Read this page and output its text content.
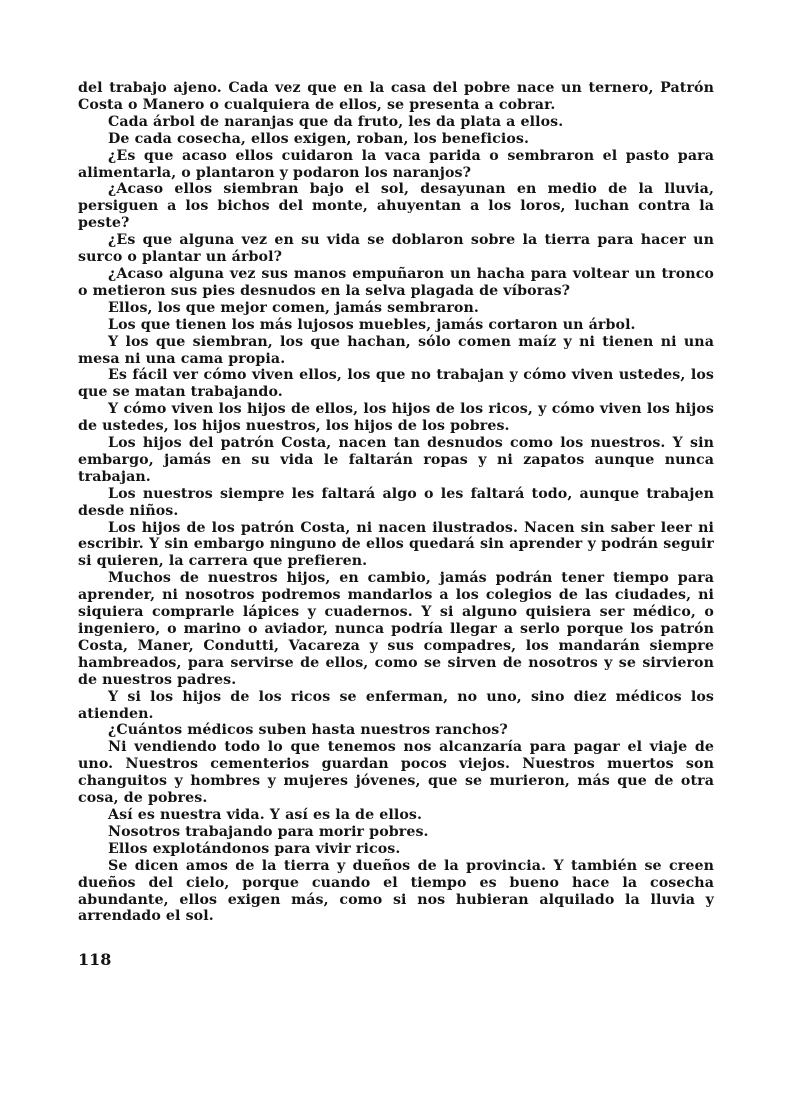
del trabajo ajeno. Cada vez que en la casa del pobre nace un ternero, Patrón Costa o Manero o cualquiera de ellos, se presenta a cobrar.

Cada árbol de naranjas que da fruto, les da plata a ellos.

De cada cosecha, ellos exigen, roban, los beneficios.

¿Es que acaso ellos cuidaron la vaca parida o sembraron el pasto para alimentarla, o plantaron y podaron los naranjos?

¿Acaso ellos siembran bajo el sol, desayunan en medio de la lluvia, persiguen a los bichos del monte, ahuyentan a los loros, luchan contra la peste?

¿Es que alguna vez en su vida se doblaron sobre la tierra para hacer un surco o plantar un árbol?

¿Acaso alguna vez sus manos empuñaron un hacha para voltear un tronco o metieron sus pies desnudos en la selva plagada de víboras?

Ellos, los que mejor comen, jamás sembraron.

Los que tienen los más lujosos muebles, jamás cortaron un árbol.

Y los que siembran, los que hachan, sólo comen maíz y ni tienen ni una mesa ni una cama propia.

Es fácil ver cómo viven ellos, los que no trabajan y cómo viven ustedes, los que se matan trabajando.

Y cómo viven los hijos de ellos, los hijos de los ricos, y cómo viven los hijos de ustedes, los hijos nuestros, los hijos de los pobres.

Los hijos del patrón Costa, nacen tan desnudos como los nuestros. Y sin embargo, jamás en su vida le faltarán ropas y ni zapatos aunque nunca trabajan.

Los nuestros siempre les faltará algo o les faltará todo, aunque trabajen desde niños.

Los hijos de los patrón Costa, ni nacen ilustrados. Nacen sin saber leer ni escribir. Y sin embargo ninguno de ellos quedará sin aprender y podrán seguir si quieren, la carrera que prefieren.

Muchos de nuestros hijos, en cambio, jamás podrán tener tiempo para aprender, ni nosotros podremos mandarlos a los colegios de las ciudades, ni siquiera comprarle lápices y cuadernos. Y si alguno quisiera ser médico, o ingeniero, o marino o aviador, nunca podría llegar a serlo porque los patrón Costa, Maner, Condutti, Vacareza y sus compadres, los mandarán siempre hambreados, para servirse de ellos, como se sirven de nosotros y se sirvieron de nuestros padres.

Y si los hijos de los ricos se enferman, no uno, sino diez médicos los atienden.

¿Cuántos médicos suben hasta nuestros ranchos?

Ni vendiendo todo lo que tenemos nos alcanzaría para pagar el viaje de uno. Nuestros cementerios guardan pocos viejos. Nuestros muertos son changuitos y hombres y mujeres jóvenes, que se murieron, más que de otra cosa, de pobres.

Así es nuestra vida. Y así es la de ellos.

Nosotros trabajando para morir pobres.

Ellos explotándonos para vivir ricos.

Se dicen amos de la tierra y dueños de la provincia. Y también se creen dueños del cielo, porque cuando el tiempo es bueno hace la cosecha abundante, ellos exigen más, como si nos hubieran alquilado la lluvia y arrendado el sol.

118
